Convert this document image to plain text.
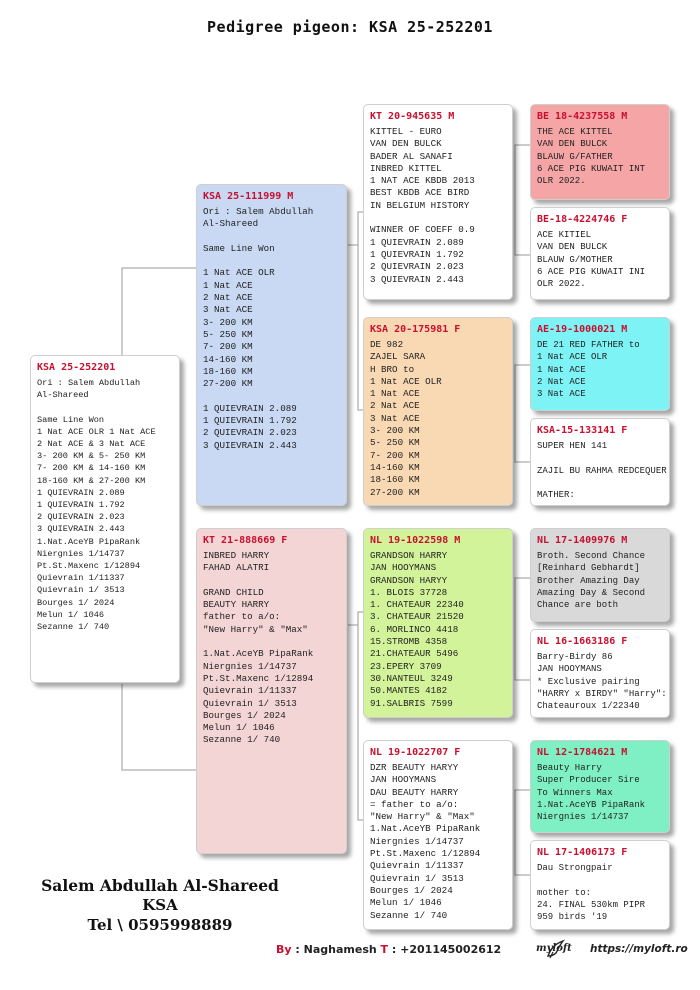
Pedigree pigeon: KSA 25-252201
KSA 25-252201
Ori : Salem Abdullah
Al-Shareed

Same Line Won
1 Nat ACE OLR 1 Nat ACE
2 Nat ACE & 3 Nat ACE
3- 200 KM & 5- 250 KM
7- 200 KM & 14-160 KM
18-160 KM & 27-200 KM
1 QUIEVRAIN 2.089
1 QUIEVRAIN 1.792
2 QUIEVRAIN 2.023
3 QUIEVRAIN 2.443
1.Nat.AceYB PipaRank
Niergnies 1/14737
Pt.St.Maxenc 1/12894
Quievrain 1/11337
Quievrain 1/ 3513
Bourges 1/ 2024
Melun 1/ 1046
Sezanne 1/ 740
KSA 25-111999 M
Ori : Salem Abdullah
Al-Shareed

Same Line Won

1 Nat ACE OLR
1 Nat ACE
2 Nat ACE
3 Nat ACE
3- 200 KM
5- 250 KM
7- 200 KM
14-160 KM
18-160 KM
27-200 KM

1 QUIEVRAIN 2.089
1 QUIEVRAIN 1.792
2 QUIEVRAIN 2.023
3 QUIEVRAIN 2.443
KT 21-888669 F
INBRED HARRY
FAHAD ALATRI

GRAND CHILD
BEAUTY HARRY
father to a/o:
"New Harry" & "Max"

1.Nat.AceYB PipaRank
Niergnies 1/14737
Pt.St.Maxenc 1/12894
Quievrain 1/11337
Quievrain 1/ 3513
Bourges 1/ 2024
Melun 1/ 1046
Sezanne 1/ 740
KT 20-945635 M
KITTEL - EURO
VAN DEN BULCK
BADER AL SANAFI
INBRED KITTEL
1 NAT ACE KBDB 2013
BEST KBDB ACE BIRD
IN BELGIUM HISTORY

WINNER OF COEFF 0.9
1 QUIEVRAIN 2.089
1 QUIEVRAIN 1.792
2 QUIEVRAIN 2.023
3 QUIEVRAIN 2.443
KSA 20-175981 F
DE 982
ZAJEL SARA
H BRO to
1 Nat ACE OLR
1 Nat ACE
2 Nat ACE
3 Nat ACE
3- 200 KM
5- 250 KM
7- 200 KM
14-160 KM
18-160 KM
27-200 KM
NL 19-1022598 M
GRANDSON HARRY
JAN HOOYMANS
GRANDSON HARYY
1. BLOIS 37728
1. CHATEAUR 22340
3. CHATEAUR 21520
6. MORLINCO 4418
15.STROMB 4358
21.CHATEAUR 5496
23.EPERY 3709
30.NANTEUL 3249
50.MANTES 4182
91.SALBRIS 7599
NL 19-1022707 F
DZR BEAUTY HARYY
JAN HOOYMANS
DAU BEAUTY HARRY
= father to a/o:
"New Harry" & "Max"
1.Nat.AceYB PipaRank
Niergnies 1/14737
Pt.St.Maxenc 1/12894
Quievrain 1/11337
Quievrain 1/ 3513
Bourges 1/ 2024
Melun 1/ 1046
Sezanne 1/ 740
BE 18-4237558 M
THE ACE KITTEL
VAN DEN BULCK
BLAUW G/FATHER
6 ACE PIG KUWAIT INT
OLR 2022.
BE-18-4224746 F
ACE KITIEL
VAN DEN BULCK
BLAUW G/MOTHER
6 ACE PIG KUWAIT INI
OLR 2022.
AE-19-1000021 M
DE 21 RED FATHER to
1 Nat ACE OLR
1 Nat ACE
2 Nat ACE
3 Nat ACE
KSA-15-133141 F
SUPER HEN 141

ZAJIL BU RAHMA REDCEQUER

MATHER:
NL 17-1409976 M
Broth. Second Chance
[Reinhard Gebhardt]
Brother Amazing Day
Amazing Day & Second
Chance are both
NL 16-1663186 F
Barry-Birdy 86
JAN HOOYMANS
* Exclusive pairing
"HARRY x BIRDY" "Harry":
Chateauroux 1/22340
NL 12-1784621 M
Beauty Harry
Super Producer Sire
To Winners Max
1.Nat.AceYB PipaRank
Niergnies 1/14737
NL 17-1406173 F
Dau Strongpair

mother to:
24. FINAL 530km PIPR
959 birds '19
Salem Abdullah Al-Shareed
KSA
Tel \ 0595998889
By : Naghamesh T : +201145002612	myloft https://myloft.ro
